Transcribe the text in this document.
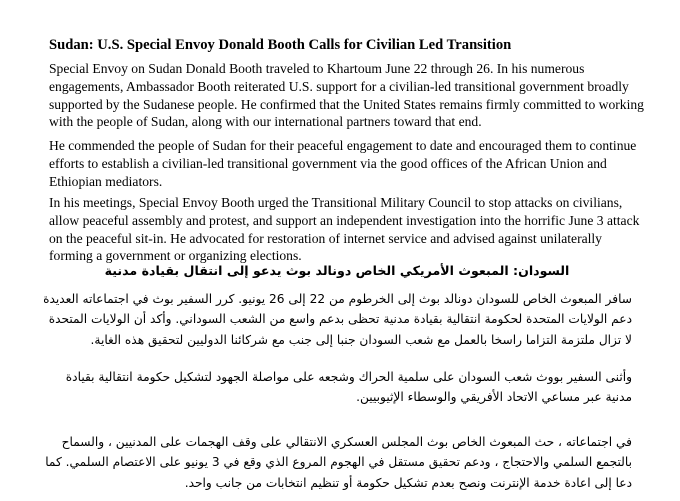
Sudan: U.S. Special Envoy Donald Booth Calls for Civilian Led Transition

Special Envoy on Sudan Donald Booth traveled to Khartoum June 22 through 26. In his numerous engagements, Ambassador Booth reiterated U.S. support for a civilian-led transitional government broadly supported by the Sudanese people. He confirmed that the United States remains firmly committed to working with the people of Sudan, along with our international partners toward that end.

He commended the people of Sudan for their peaceful engagement to date and encouraged them to continue efforts to establish a civilian-led transitional government via the good offices of the African Union and Ethiopian mediators.

In his meetings, Special Envoy Booth urged the Transitional Military Council to stop attacks on civilians, allow peaceful assembly and protest, and support an independent investigation into the horrific June 3 attack on the peaceful sit-in. He advocated for restoration of internet service and advised against unilaterally forming a government or organizing elections.

السودان: المبعوث الأمريكي الخاص دونالد بوث يدعو إلى انتقال بقيادة مدنية

سافر المبعوث الخاص للسودان دونالد بوث إلى الخرطوم من 22 إلى 26 يونيو. كرر السفير بوث في اجتماعاته العديدة دعم الولايات المتحدة لحكومة انتقالية بقيادة مدنية تحظى بدعم واسع من الشعب السوداني. وأكد أن الولايات المتحدة لا تزال ملتزمة التزاما راسخا بالعمل مع شعب السودان جنبا إلى جنب مع شركائنا الدوليين لتحقيق هذه الغاية.

وأثنى السفير بووث شعب السودان على سلمية الحراك وشجعه على مواصلة الجهود لتشكيل حكومة انتقالية بقيادة مدنية عبر مساعي الاتحاد الأفريقي والوسطاء الإثيوبيين.

في اجتماعاته ، حث المبعوث الخاص بوث المجلس العسكري الانتقالي على وقف الهجمات على المدنيين ، والسماح بالتجمع السلمي والاحتجاج ، ودعم تحقيق مستقل في الهجوم المروع الذي وقع في 3 يونيو على الاعتصام السلمي. كما دعا إلى اعادة خدمة الإنترنت ونصح بعدم تشكيل حكومة أو تنظيم انتخابات من جانب واحد.
